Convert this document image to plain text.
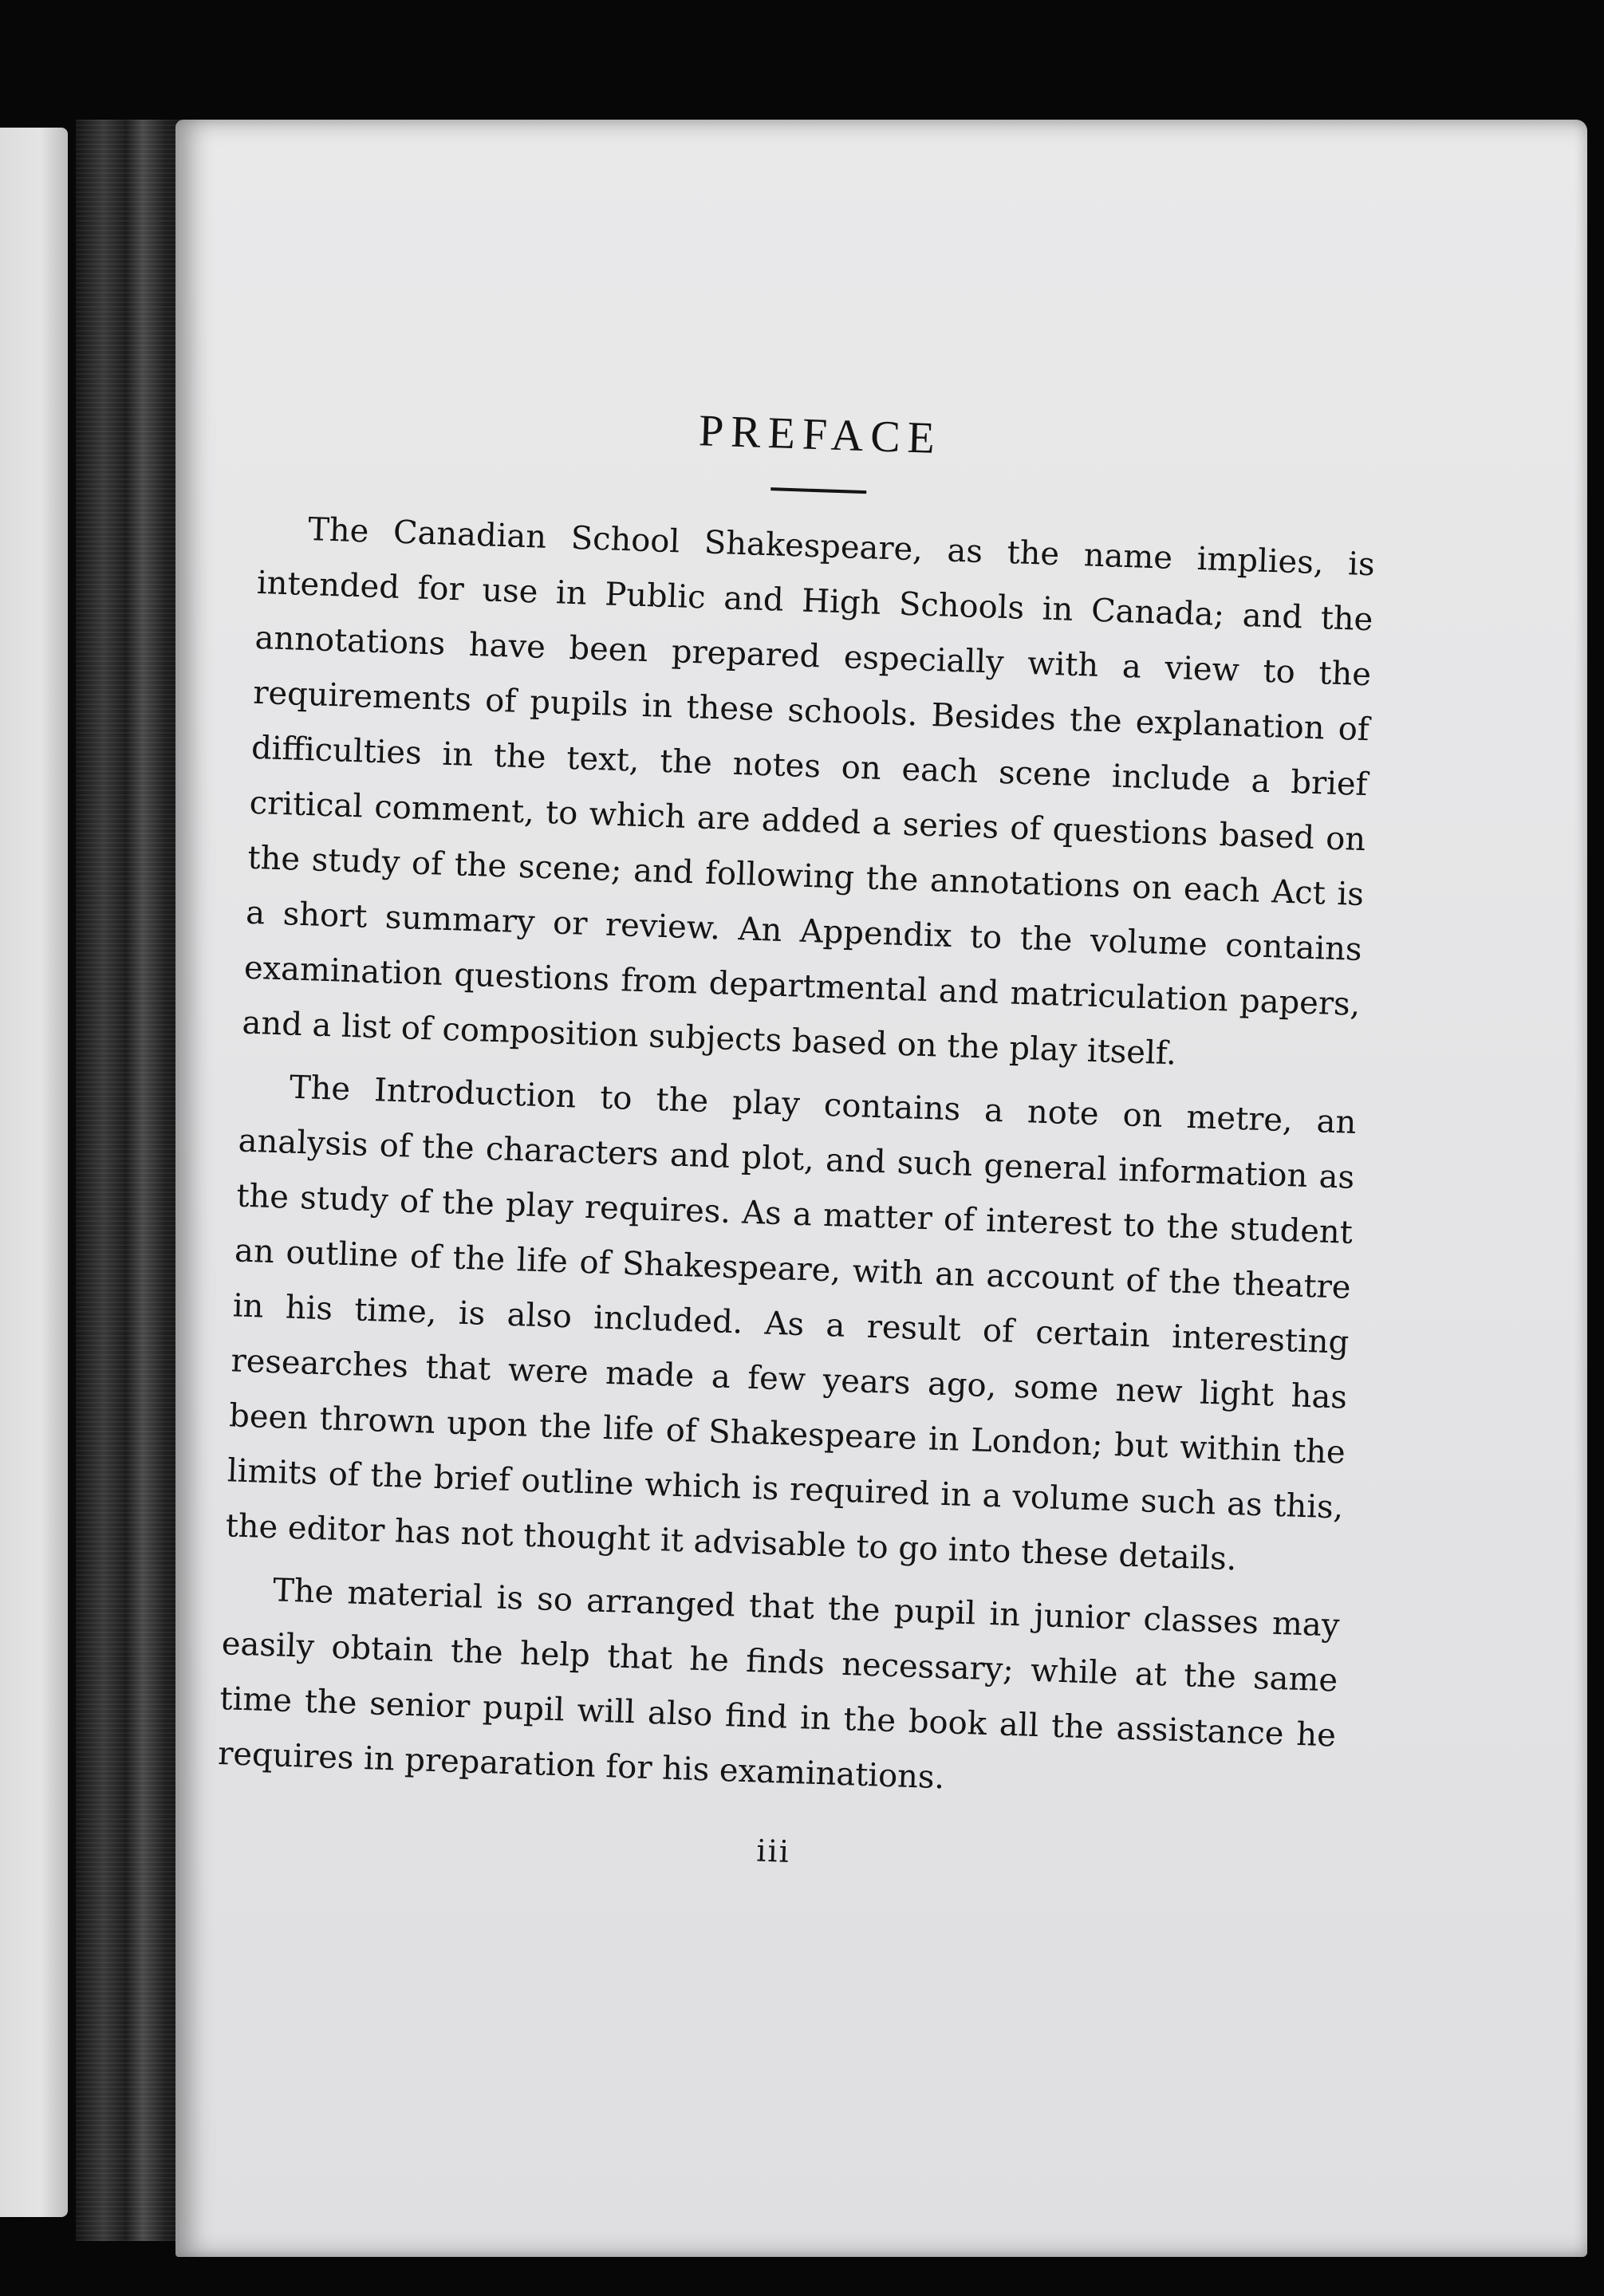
PREFACE

The Canadian School Shakespeare, as the name implies, is intended for use in Public and High Schools in Canada; and the annotations have been prepared especially with a view to the requirements of pupils in these schools. Besides the explanation of difficulties in the text, the notes on each scene include a brief critical comment, to which are added a series of questions based on the study of the scene; and following the annotations on each Act is a short summary or review. An Appendix to the volume contains examination questions from departmental and matriculation papers, and a list of composition subjects based on the play itself.

The Introduction to the play contains a note on metre, an analysis of the characters and plot, and such general information as the study of the play requires. As a matter of interest to the student an outline of the life of Shakespeare, with an account of the theatre in his time, is also included. As a result of certain interesting researches that were made a few years ago, some new light has been thrown upon the life of Shakespeare in London; but within the limits of the brief outline which is required in a volume such as this, the editor has not thought it advisable to go into these details.

The material is so arranged that the pupil in junior classes may easily obtain the help that he finds necessary; while at the same time the senior pupil will also find in the book all the assistance he requires in preparation for his examinations.

iii
